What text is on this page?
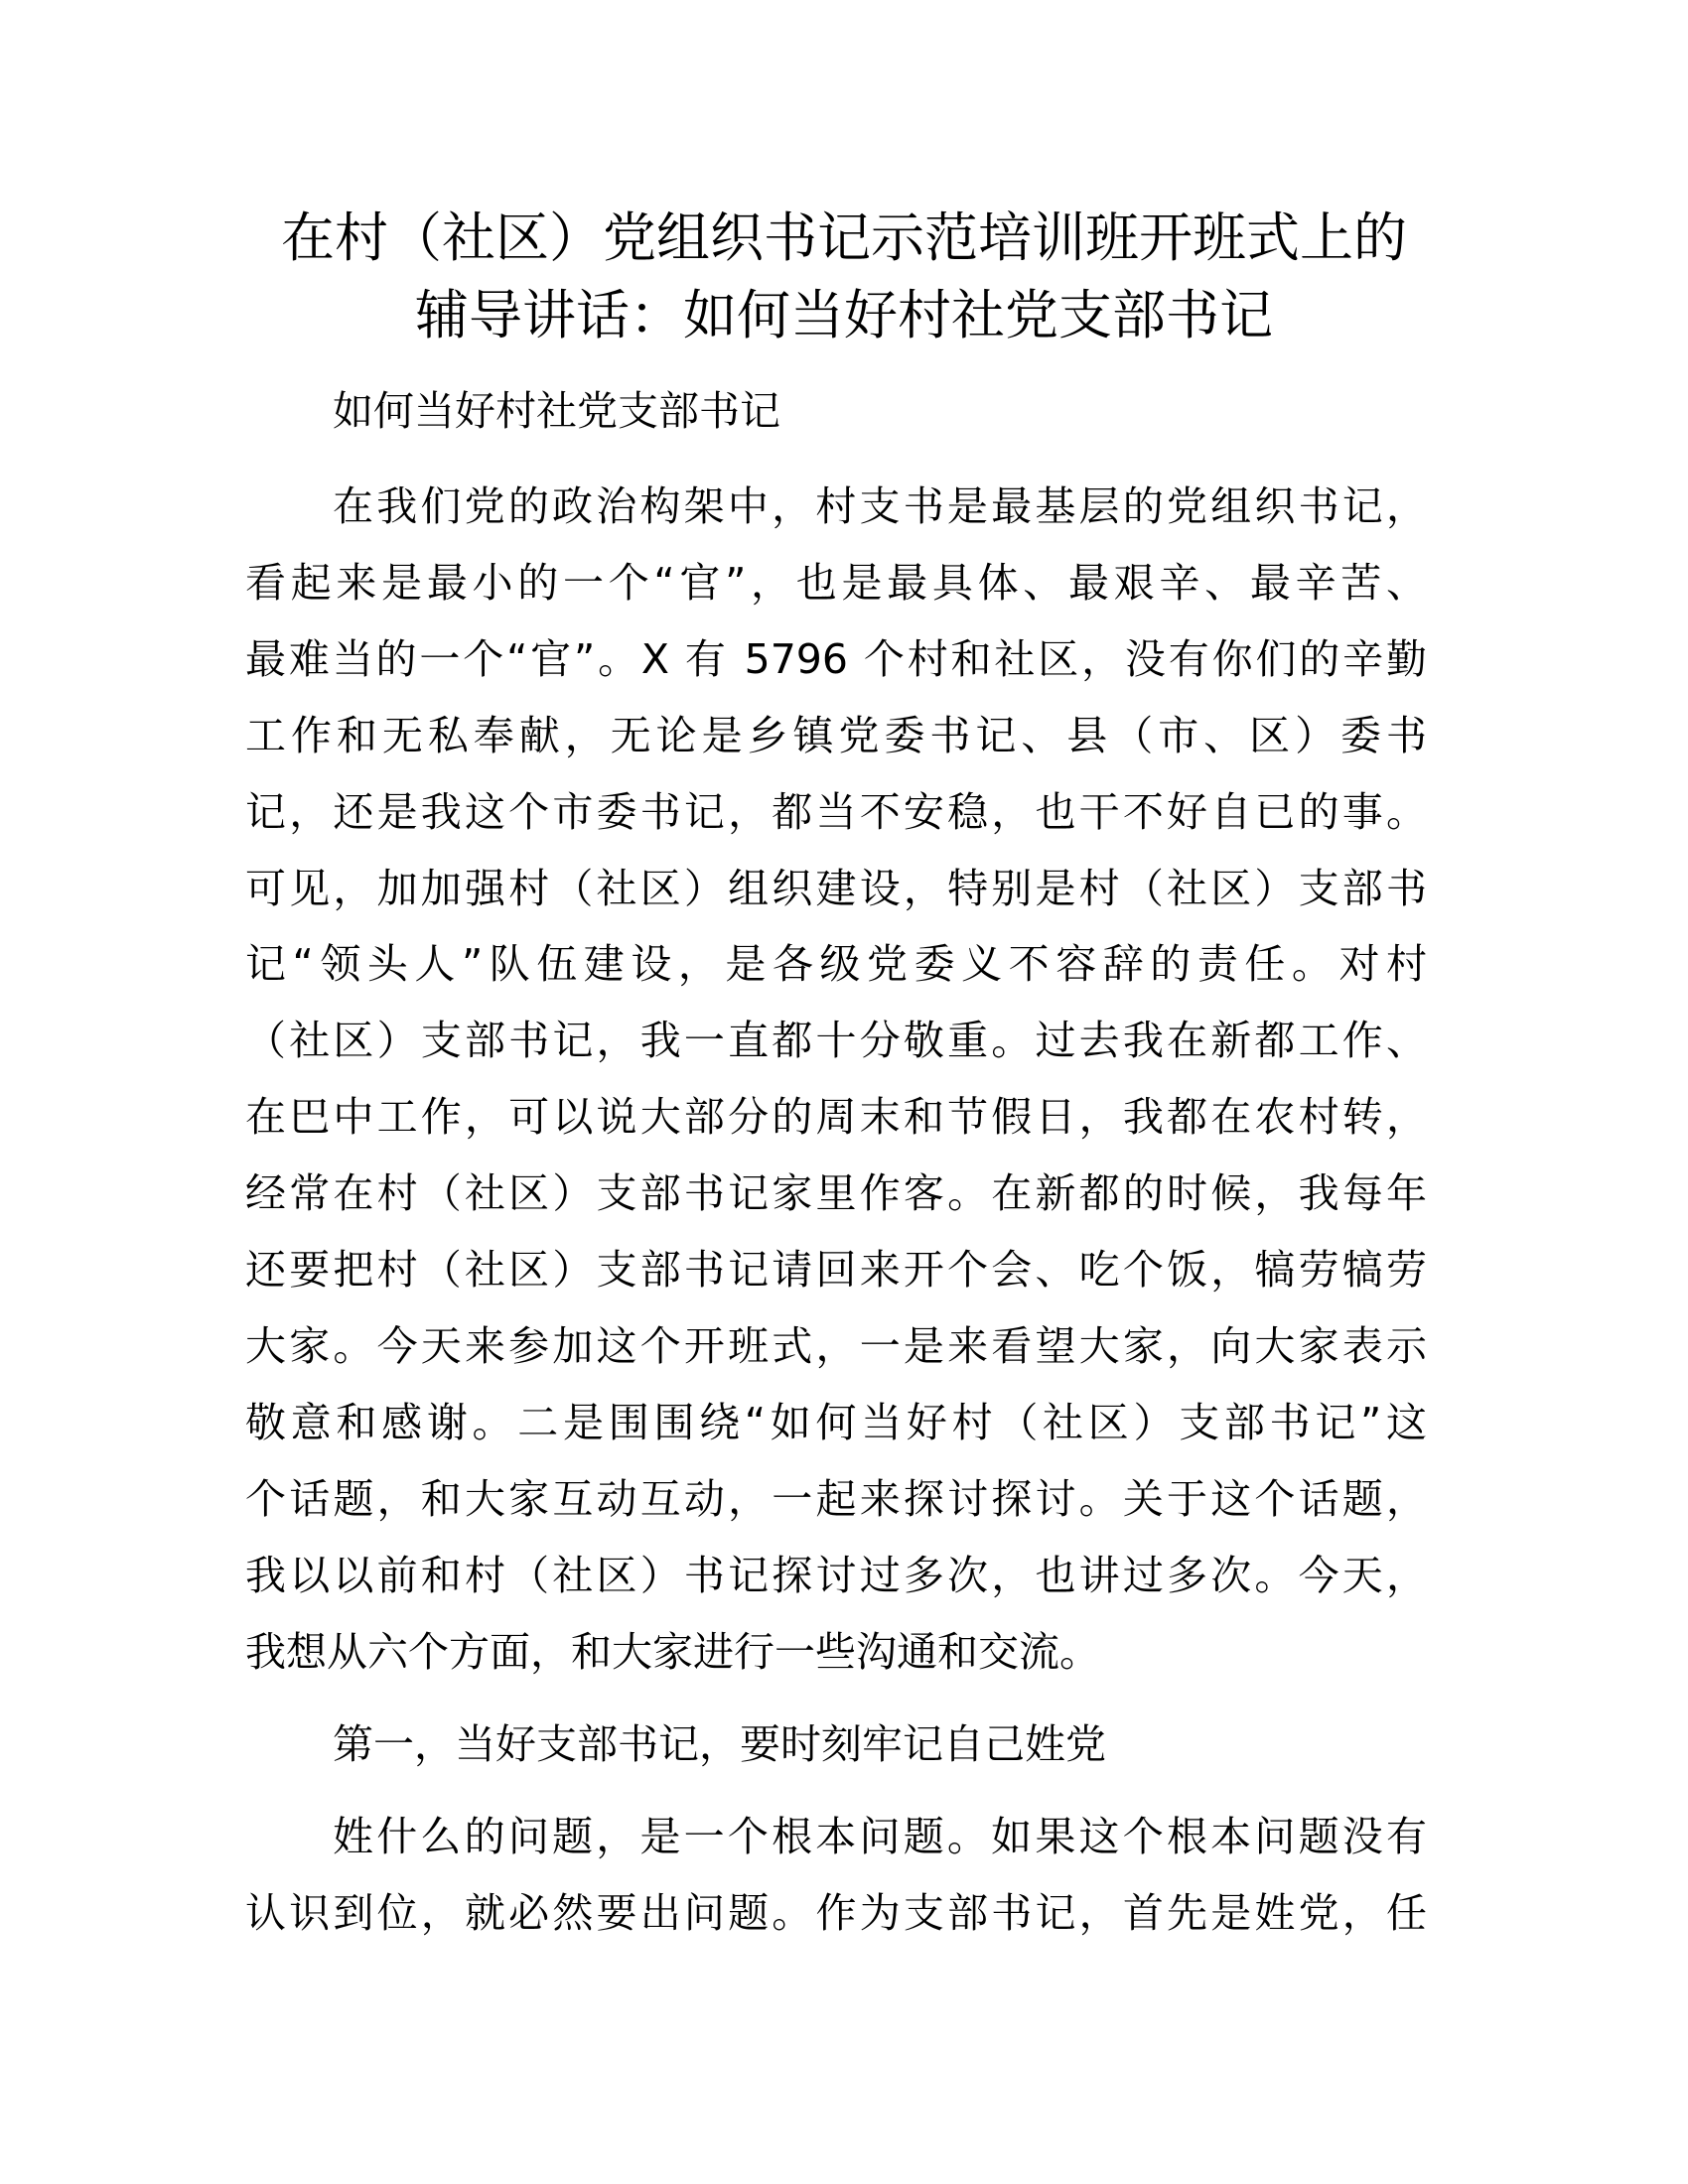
在村（社区）党组织书记示范培训班开班式上的
辅导讲话：如何当好村社党支部书记
如何当好村社党支部书记
在我们党的政治构架中，村支书是最基层的党组织书记，
看起来是最小的一个“官”，也是最具体、最艰辛、最辛苦、
最难当的一个“官”。X 有 5796 个村和社区，没有你们的辛勤
工作和无私奉献，无论是乡镇党委书记、县（市、区）委书
记，还是我这个市委书记，都当不安稳，也干不好自已的事。
可见，加加强村（社区）组织建设，特别是村（社区）支部书
记“领头人”队伍建设，是各级党委义不容辞的责任。对村
（社区）支部书记，我一直都十分敬重。过去我在新都工作、
在巴中工作，可以说大部分的周末和节假日，我都在农村转，
经常在村（社区）支部书记家里作客。在新都的时候，我每年
还要把村（社区）支部书记请回来开个会、吃个饭，犒劳犒劳
大家。今天来参加这个开班式，一是来看望大家，向大家表示
敬意和感谢。二是围围绕“如何当好村（社区）支部书记”这
个话题，和大家互动互动，一起来探讨探讨。关于这个话题，
我以以前和村（社区）书记探讨过多次，也讲过多次。今天，
我想从六个方面，和大家进行一些沟通和交流。
第一，当好支部书记，要时刻牢记自己姓党
姓什么的问题，是一个根本问题。如果这个根本问题没有
认识到位，就必然要出问题。作为支部书记，首先是姓党，任
